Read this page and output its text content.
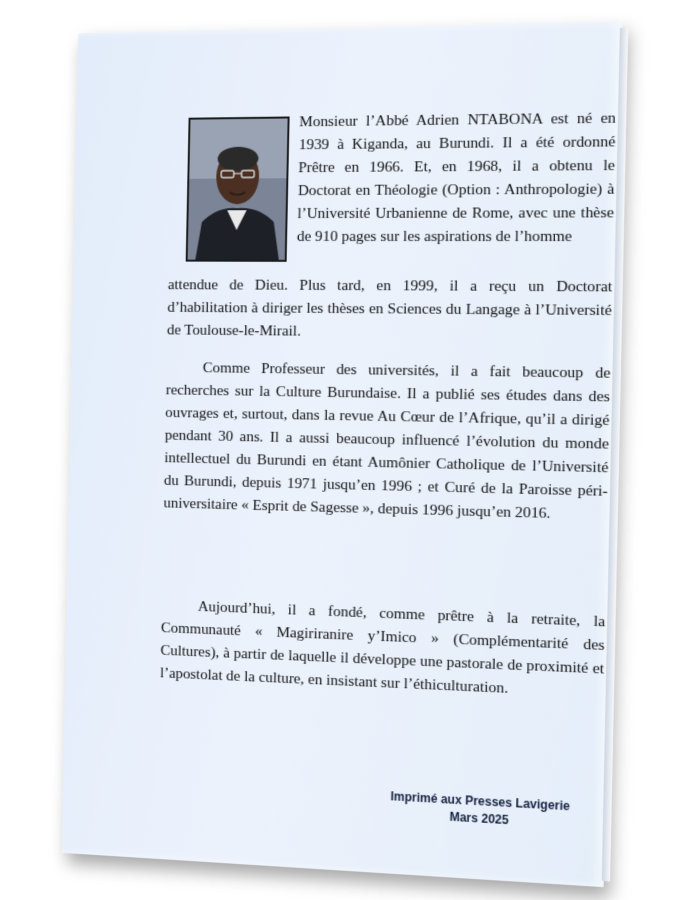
Monsieur l’Abbé Adrien NTABONA est né en 1939 à Kiganda, au Burundi. Il a été ordonné Prêtre en 1966. Et, en 1968, il a obtenu le Doctorat en Théologie (Option : Anthropologie) à l’Université Urbanienne de Rome, avec une thèse de 910 pages sur les aspirations de l’homme

attendue de Dieu. Plus tard, en 1999, il a reçu un Doctorat d’habilitation à diriger les thèses en Sciences du Langage à l’Université de Toulouse-le-Mirail.

Comme Professeur des universités, il a fait beaucoup de recherches sur la Culture Burundaise. Il a publié ses études dans des ouvrages et, surtout, dans la revue Au Cœur de l’Afrique, qu’il a dirigé pendant 30 ans. Il a aussi beaucoup influencé l’évolution du monde intellectuel du Burundi en étant Aumônier Catholique de l’Université du Burundi, depuis 1971 jusqu’en 1996 ; et Curé de la Paroisse péri-universitaire « Esprit de Sagesse », depuis 1996 jusqu’en 2016.

Aujourd’hui, il a fondé, comme prêtre à la retraite, la Communauté « Magiriranire y’Imico » (Complémentarité des Cultures), à partir de laquelle il développe une pastorale de proximité et l’apostolat de la culture, en insistant sur l’éthiculturation.

Imprimé aux Presses Lavigerie
Mars 2025
